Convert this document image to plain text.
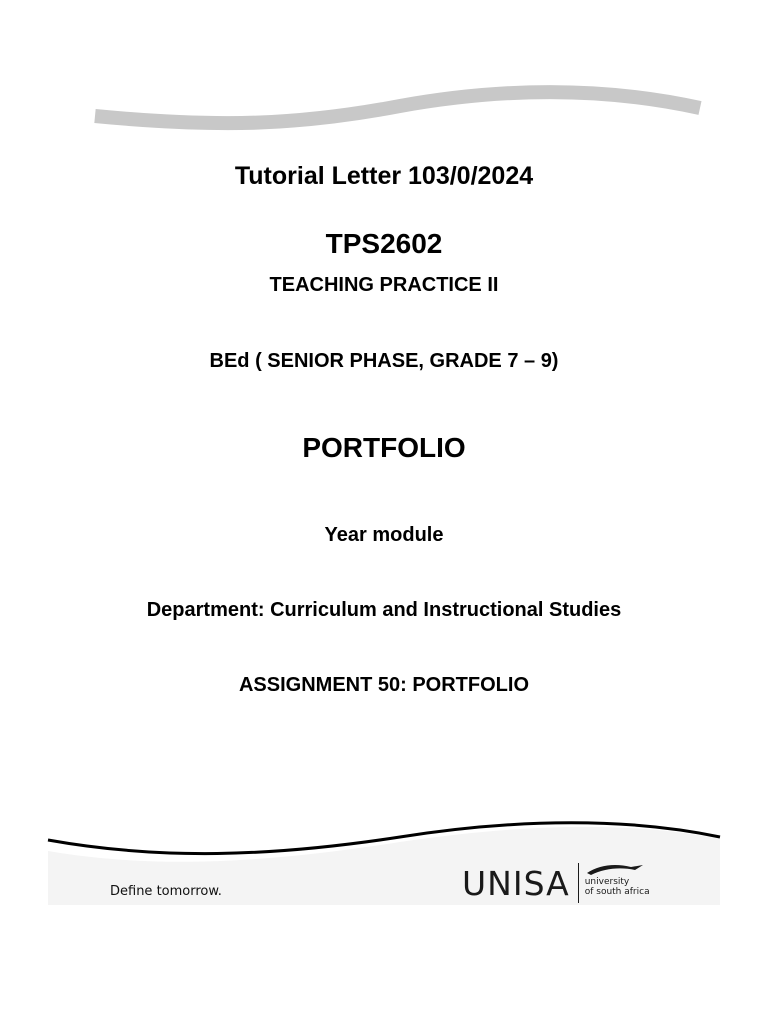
Tutorial Letter 103/0/2024
TPS2602
TEACHING PRACTICE II
BEd ( SENIOR PHASE, GRADE 7 – 9)
PORTFOLIO
Year module
Department: Curriculum and Instructional Studies
ASSIGNMENT 50: PORTFOLIO
Define tomorrow.	UNISA university
of south africa
